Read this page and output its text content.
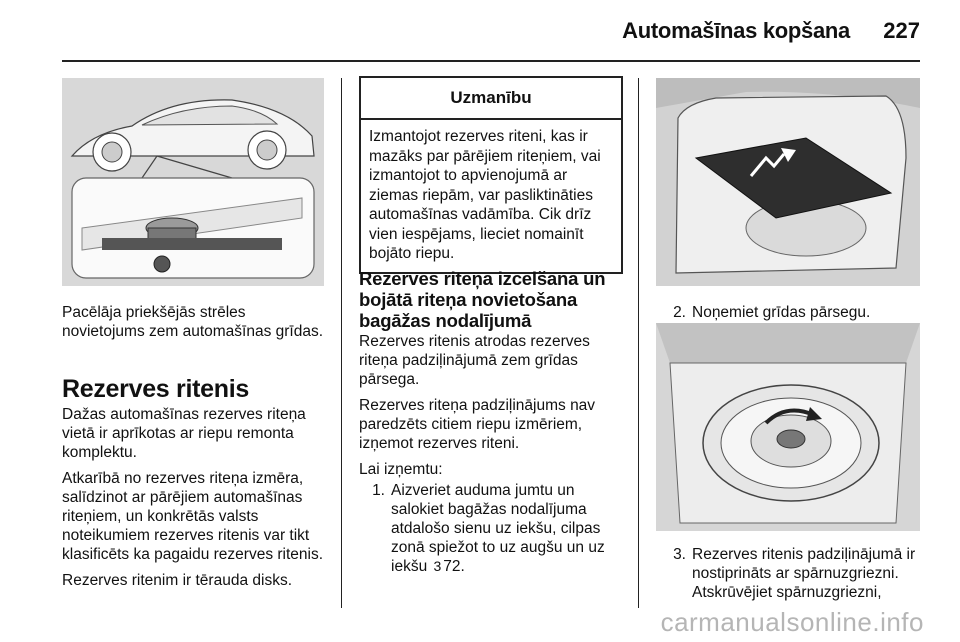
Automašīnas kopšana 227
Pacēlāja priekšējās strēles novietojums zem automašīnas grīdas.
Rezerves ritenis

Dažas automašīnas rezerves riteņa vietā ir aprīkotas ar riepu remonta komplektu.

Atkarībā no rezerves riteņa izmēra, salīdzinot ar pārējiem automašīnas riteņiem, un konkrētās valsts noteikumiem rezerves ritenis var tikt klasificēts ka pagaidu rezerves ritenis.

Rezerves ritenim ir tērauda disks.

Uzmanību
Izmantojot rezerves riteni, kas ir mazāks par pārējiem riteņiem, vai izmantojot to apvienojumā ar ziemas riepām, var pasliktināties automašīnas vadāmība. Cik drīz vien iespējams, lieciet nomainīt bojāto riepu.
Rezerves riteņa izcelšana un bojātā riteņa novietošana bagāžas nodalījumā

Rezerves ritenis atrodas rezerves riteņa padziļinājumā zem grīdas pārsega.

Rezerves riteņa padziļinājums nav paredzēts citiem riepu izmēriem, izņemot rezerves riteni.

Lai izņemtu:

1. Aizveriet auduma jumtu un salokiet bagāžas nodalījuma atdalošo sienu uz iekšu, cilpas zonā spiežot to uz augšu un uz iekšu 3 72.
2. Noņemiet grīdas pārsegu.
3. Rezerves ritenis padziļinājumā ir nostiprināts ar spārnuzgriezni. Atskrūvējiet spārnuzgriezni,
carmanualsonline.info
